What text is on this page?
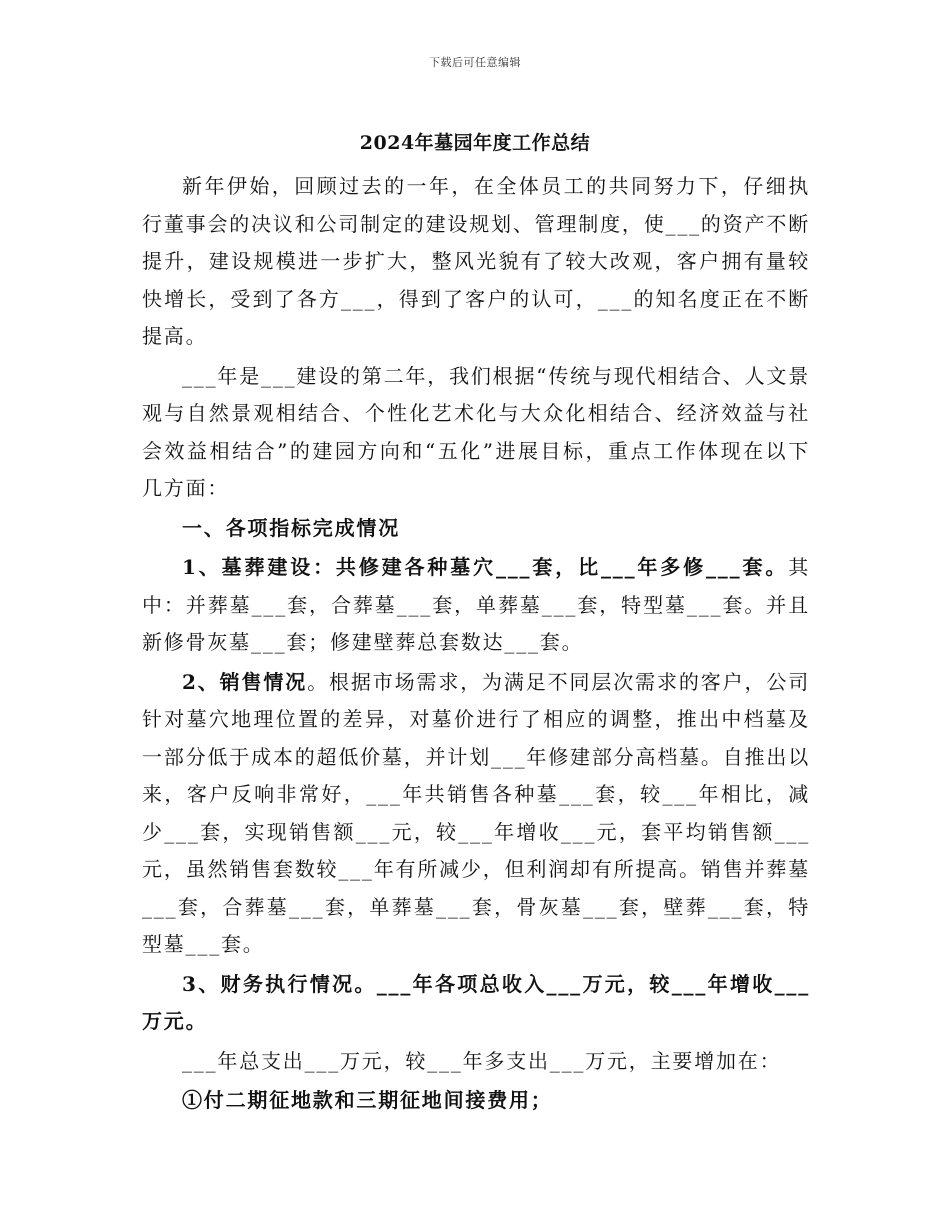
下载后可任意编辑
2024年墓园年度工作总结

新年伊始，回顾过去的一年，在全体员工的共同努力下，仔细执行董事会的决议和公司制定的建设规划、管理制度，使___的资产不断提升，建设规模进一步扩大，整风光貌有了较大改观，客户拥有量较快增长，受到了各方___，得到了客户的认可，___的知名度正在不断提高。

___年是___建设的第二年，我们根据“传统与现代相结合、人文景观与自然景观相结合、个性化艺术化与大众化相结合、经济效益与社会效益相结合”的建园方向和“五化”进展目标，重点工作体现在以下几方面：

一、各项指标完成情况

1、墓葬建设：共修建各种墓穴___套，比___年多修___套。其中：并葬墓___套，合葬墓___套，单葬墓___套，特型墓___套。并且新修骨灰墓___套；修建壁葬总套数达___套。

2、销售情况。根据市场需求，为满足不同层次需求的客户，公司针对墓穴地理位置的差异，对墓价进行了相应的调整，推出中档墓及一部分低于成本的超低价墓，并计划___年修建部分高档墓。自推出以来，客户反响非常好，___年共销售各种墓___套，较___年相比，减少___套，实现销售额___元，较___年增收___元，套平均销售额___元，虽然销售套数较___年有所减少，但利润却有所提高。销售并葬墓___套，合葬墓___套，单葬墓___套，骨灰墓___套，壁葬___套，特型墓___套。

3、财务执行情况。___年各项总收入___万元，较___年增收___万元。

___年总支出___万元，较___年多支出___万元，主要增加在：

①付二期征地款和三期征地间接费用；
